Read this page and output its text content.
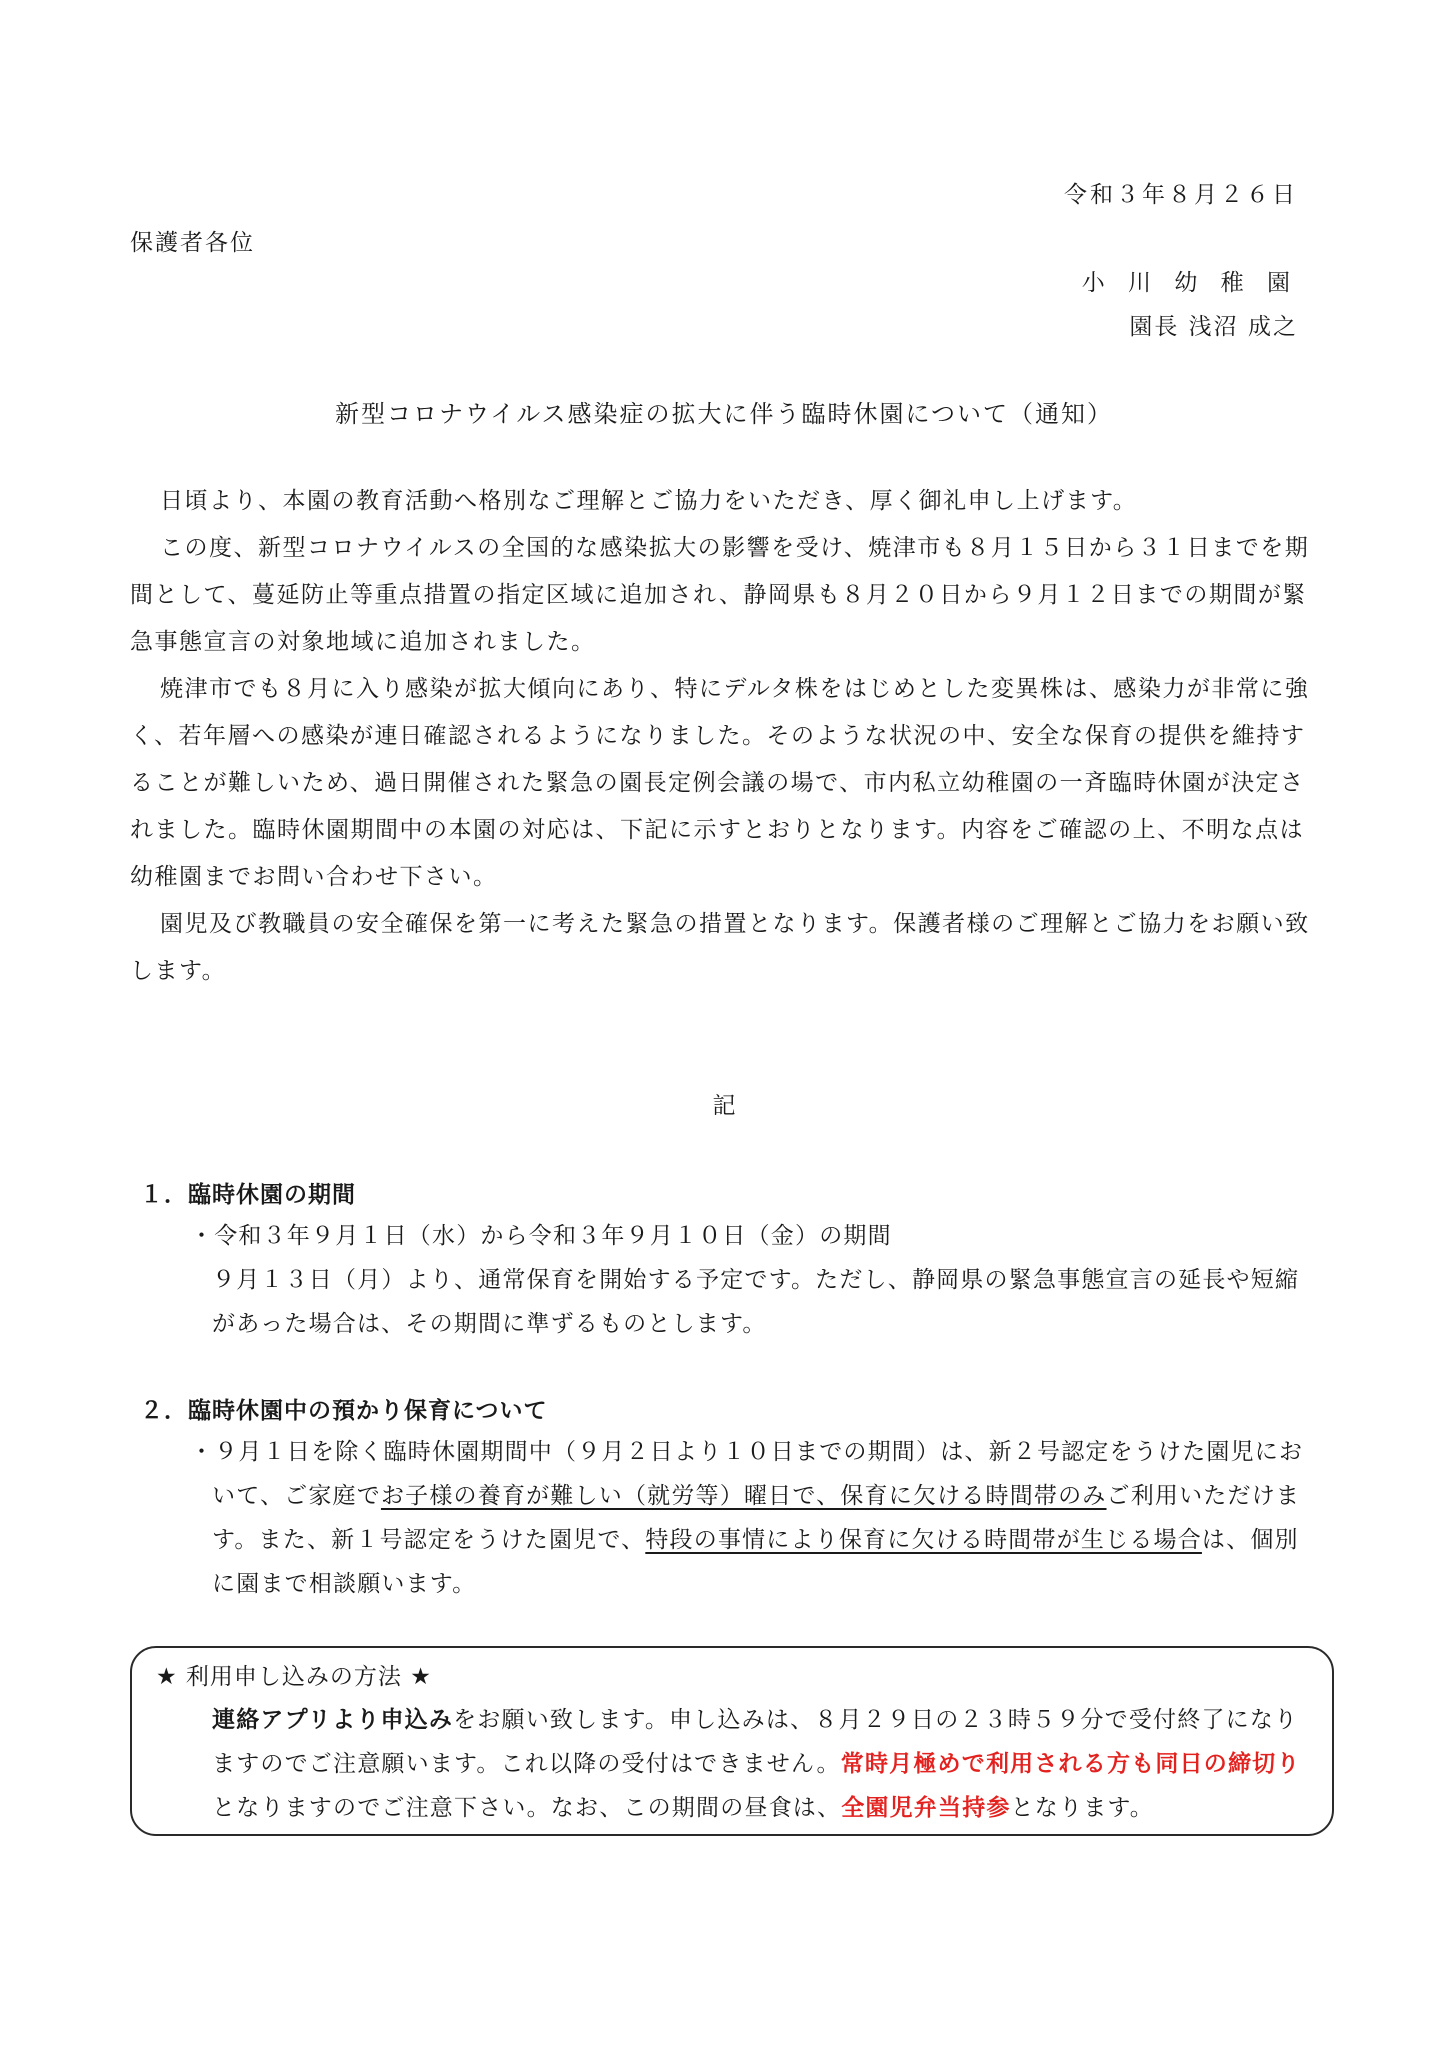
令和３年８月２６日
保護者各位
小 川 幼 稚 園
園長 浅沼 成之
新型コロナウイルス感染症の拡大に伴う臨時休園について（通知）

日頃より、本園の教育活動へ格別なご理解とご協力をいただき、厚く御礼申し上げます。

この度、新型コロナウイルスの全国的な感染拡大の影響を受け、焼津市も８月１５日から３１日までを期間として、蔓延防止等重点措置の指定区域に追加され、静岡県も８月２０日から９月１２日までの期間が緊急事態宣言の対象地域に追加されました。

焼津市でも８月に入り感染が拡大傾向にあり、特にデルタ株をはじめとした変異株は、感染力が非常に強く、若年層への感染が連日確認されるようになりました。そのような状況の中、安全な保育の提供を維持することが難しいため、過日開催された緊急の園長定例会議の場で、市内私立幼稚園の一斉臨時休園が決定されました。臨時休園期間中の本園の対応は、下記に示すとおりとなります。内容をご確認の上、不明な点は幼稚園までお問い合わせ下さい。

園児及び教職員の安全確保を第一に考えた緊急の措置となります。保護者様のご理解とご協力をお願い致します。

記
１．臨時休園の期間

・令和３年９月１日（水）から令和３年９月１０日（金）の期間

９月１３日（月）より、通常保育を開始する予定です。ただし、静岡県の緊急事態宣言の延長や短縮があった場合は、その期間に準ずるものとします。

２．臨時休園中の預かり保育について

・９月１日を除く臨時休園期間中（９月２日より１０日までの期間）は、新２号認定をうけた園児において、ご家庭でお子様の養育が難しい（就労等）曜日で、保育に欠ける時間帯のみご利用いただけます。また、新１号認定をうけた園児で、特段の事情により保育に欠ける時間帯が生じる場合は、個別に園まで相談願います。

★ 利用申し込みの方法 ★

連絡アプリより申込みをお願い致します。申し込みは、８月２９日の２３時５９分で受付終了になりますのでご注意願います。これ以降の受付はできません。常時月極めで利用される方も同日の締切りとなりますのでご注意下さい。なお、この期間の昼食は、全園児弁当持参となります。
